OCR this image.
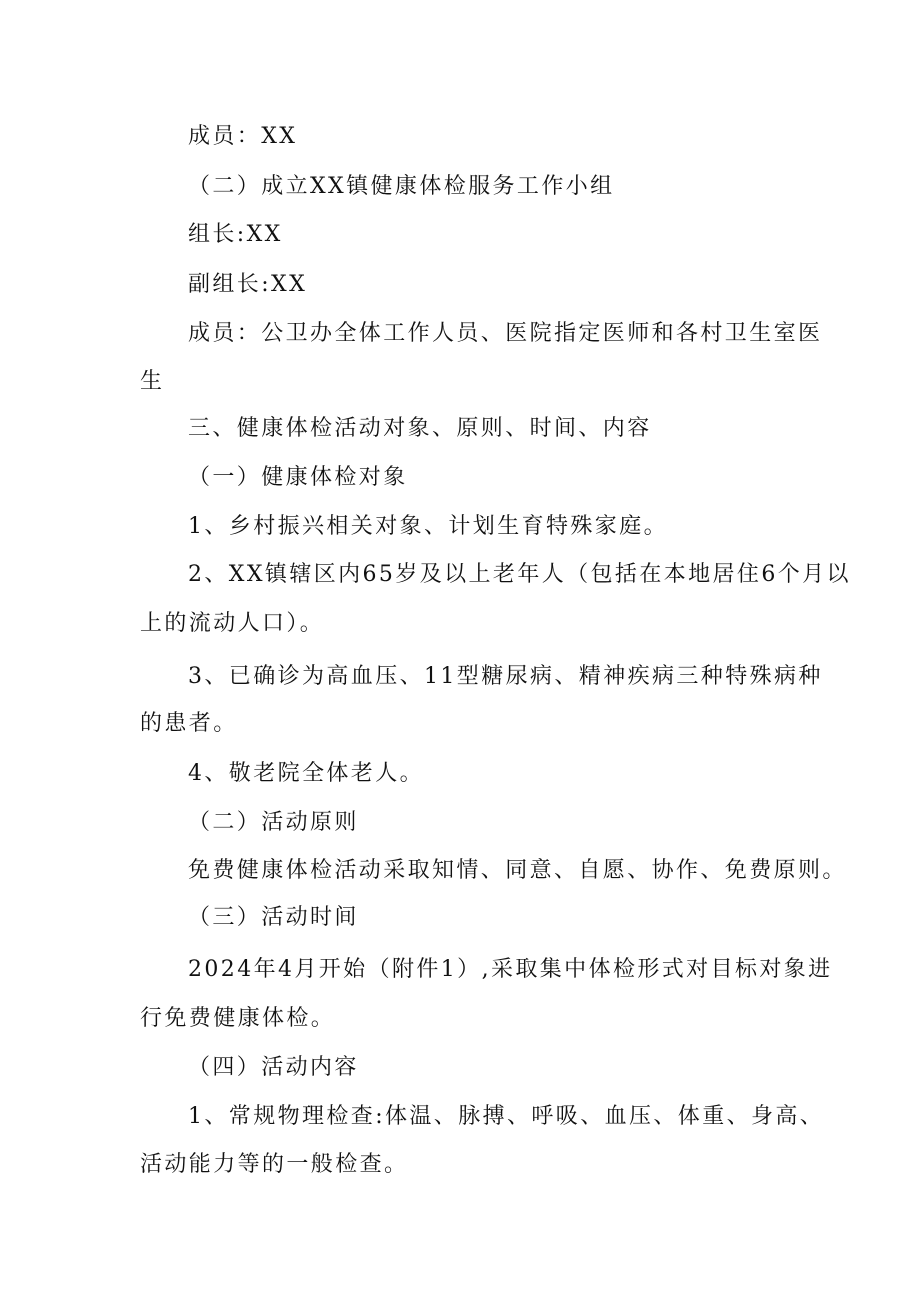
成员：XX
（二）成立XX镇健康体检服务工作小组
组长:XX
副组长:XX
成员：公卫办全体工作人员、医院指定医师和各村卫生室医
生
三、健康体检活动对象、原则、时间、内容
（一）健康体检对象
1、乡村振兴相关对象、计划生育特殊家庭。
2、XX镇辖区内65岁及以上老年人（包括在本地居住6个月以
上的流动人口）。
3、已确诊为高血压、11型糖尿病、精神疾病三种特殊病种
的患者。
4、敬老院全体老人。
（二）活动原则
免费健康体检活动采取知情、同意、自愿、协作、免费原则。
（三）活动时间
2024年4月开始（附件1）,采取集中体检形式对目标对象进
行免费健康体检。
（四）活动内容
1、常规物理检查:体温、脉搏、呼吸、血压、体重、身高、
活动能力等的一般检查。
